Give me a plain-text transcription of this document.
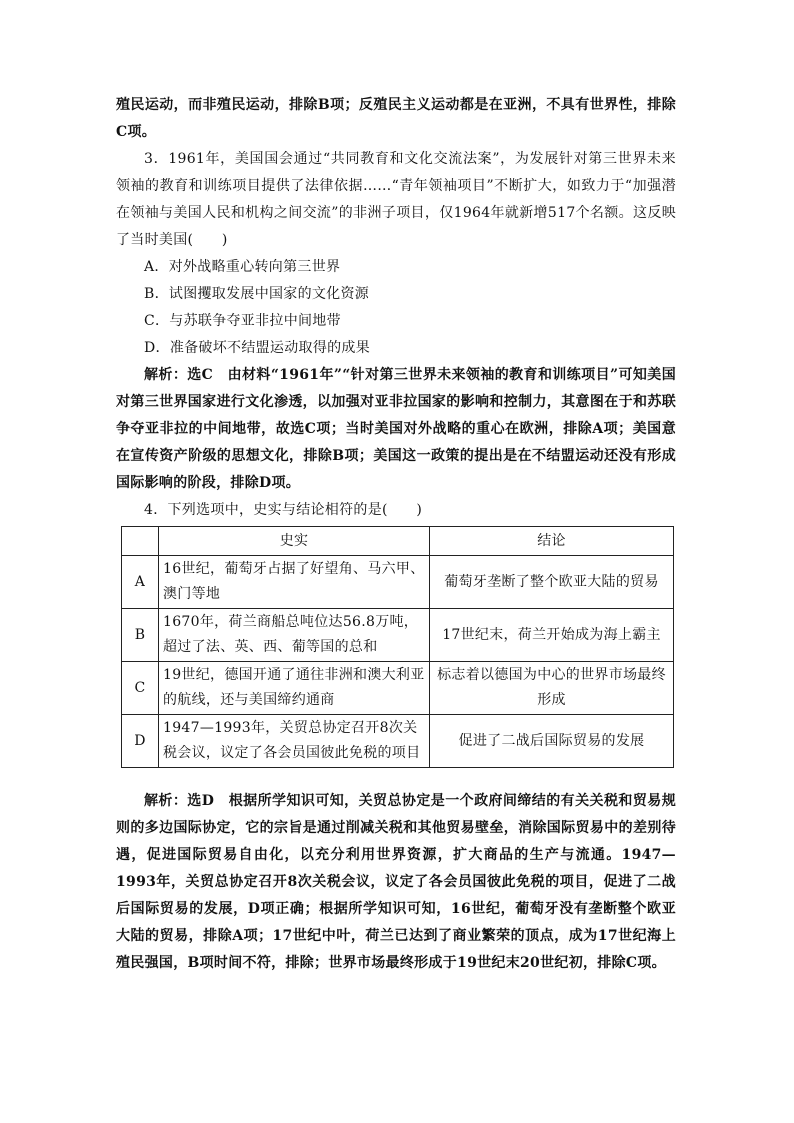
殖民运动，而非殖民运动，排除B项；反殖民主义运动都是在亚洲，不具有世界性，排除C项。

3．1961年，美国国会通过“共同教育和文化交流法案”，为发展针对第三世界未来领袖的教育和训练项目提供了法律依据……“青年领袖项目”不断扩大，如致力于“加强潜在领袖与美国人民和机构之间交流”的非洲子项目，仅1964年就新增517个名额。这反映了当时美国(　　)

A．对外战略重心转向第三世界

B．试图攫取发展中国家的文化资源

C．与苏联争夺亚非拉中间地带

D．准备破坏不结盟运动取得的成果

解析：选C　由材料“1961年”“针对第三世界未来领袖的教育和训练项目”可知美国对第三世界国家进行文化渗透，以加强对亚非拉国家的影响和控制力，其意图在于和苏联争夺亚非拉的中间地带，故选C项；当时美国对外战略的重心在欧洲，排除A项；美国意在宣传资产阶级的思想文化，排除B项；美国这一政策的提出是在不结盟运动还没有形成国际影响的阶段，排除D项。

4．下列选项中，史实与结论相符的是(　　)

	史实	结论
A	16世纪，葡萄牙占据了好望角、马六甲、澳门等地	葡萄牙垄断了整个欧亚大陆的贸易
B	1670年，荷兰商船总吨位达56.8万吨，超过了法、英、西、葡等国的总和	17世纪末，荷兰开始成为海上霸主
C	19世纪，德国开通了通往非洲和澳大利亚的航线，还与美国缔约通商	标志着以德国为中心的世界市场最终形成
D	1947—1993年，关贸总协定召开8次关税会议，议定了各会员国彼此免税的项目	促进了二战后国际贸易的发展

解析：选D　根据所学知识可知，关贸总协定是一个政府间缔结的有关关税和贸易规则的多边国际协定，它的宗旨是通过削减关税和其他贸易壁垒，消除国际贸易中的差别待遇，促进国际贸易自由化，以充分利用世界资源，扩大商品的生产与流通。1947—1993年，关贸总协定召开8次关税会议，议定了各会员国彼此免税的项目，促进了二战后国际贸易的发展，D项正确；根据所学知识可知，16世纪，葡萄牙没有垄断整个欧亚大陆的贸易，排除A项；17世纪中叶，荷兰已达到了商业繁荣的顶点，成为17世纪海上殖民强国，B项时间不符，排除；世界市场最终形成于19世纪末20世纪初，排除C项。
